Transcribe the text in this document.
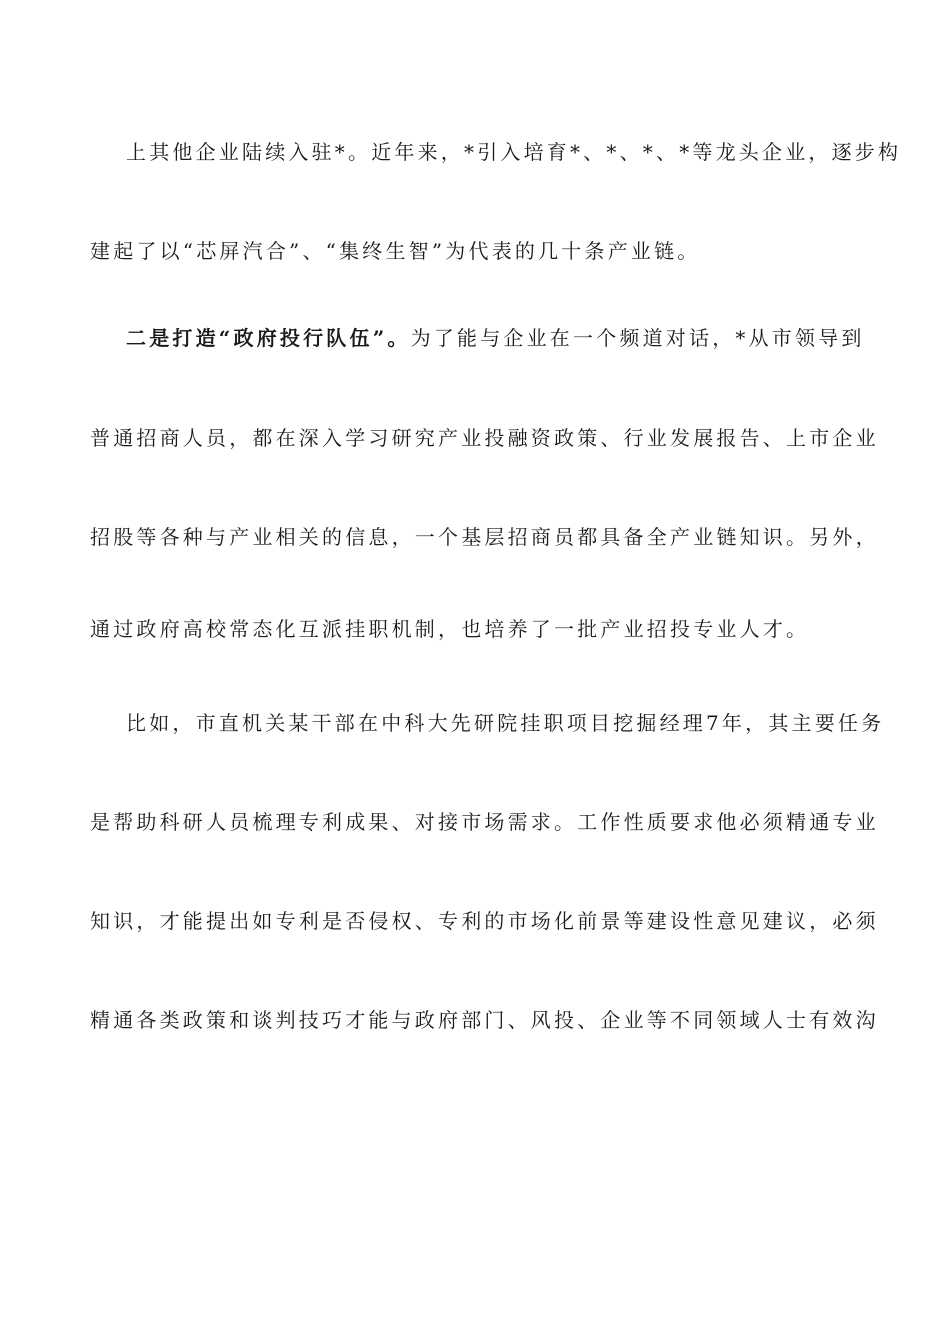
上其他企业陆续入驻*。近年来，*引入培育*、*、*、*等龙头企业，逐步构
建起了以“芯屏汽合”、“集终生智”为代表的几十条产业链。
二是打造“政府投行队伍”。为了能与企业在一个频道对话，*从市领导到
普通招商人员，都在深入学习研究产业投融资政策、行业发展报告、上市企业
招股等各种与产业相关的信息，一个基层招商员都具备全产业链知识。另外，
通过政府高校常态化互派挂职机制，也培养了一批产业招投专业人才。
比如，市直机关某干部在中科大先研院挂职项目挖掘经理7年，其主要任务
是帮助科研人员梳理专利成果、对接市场需求。工作性质要求他必须精通专业
知识，才能提出如专利是否侵权、专利的市场化前景等建设性意见建议，必须
精通各类政策和谈判技巧才能与政府部门、风投、企业等不同领域人士有效沟
